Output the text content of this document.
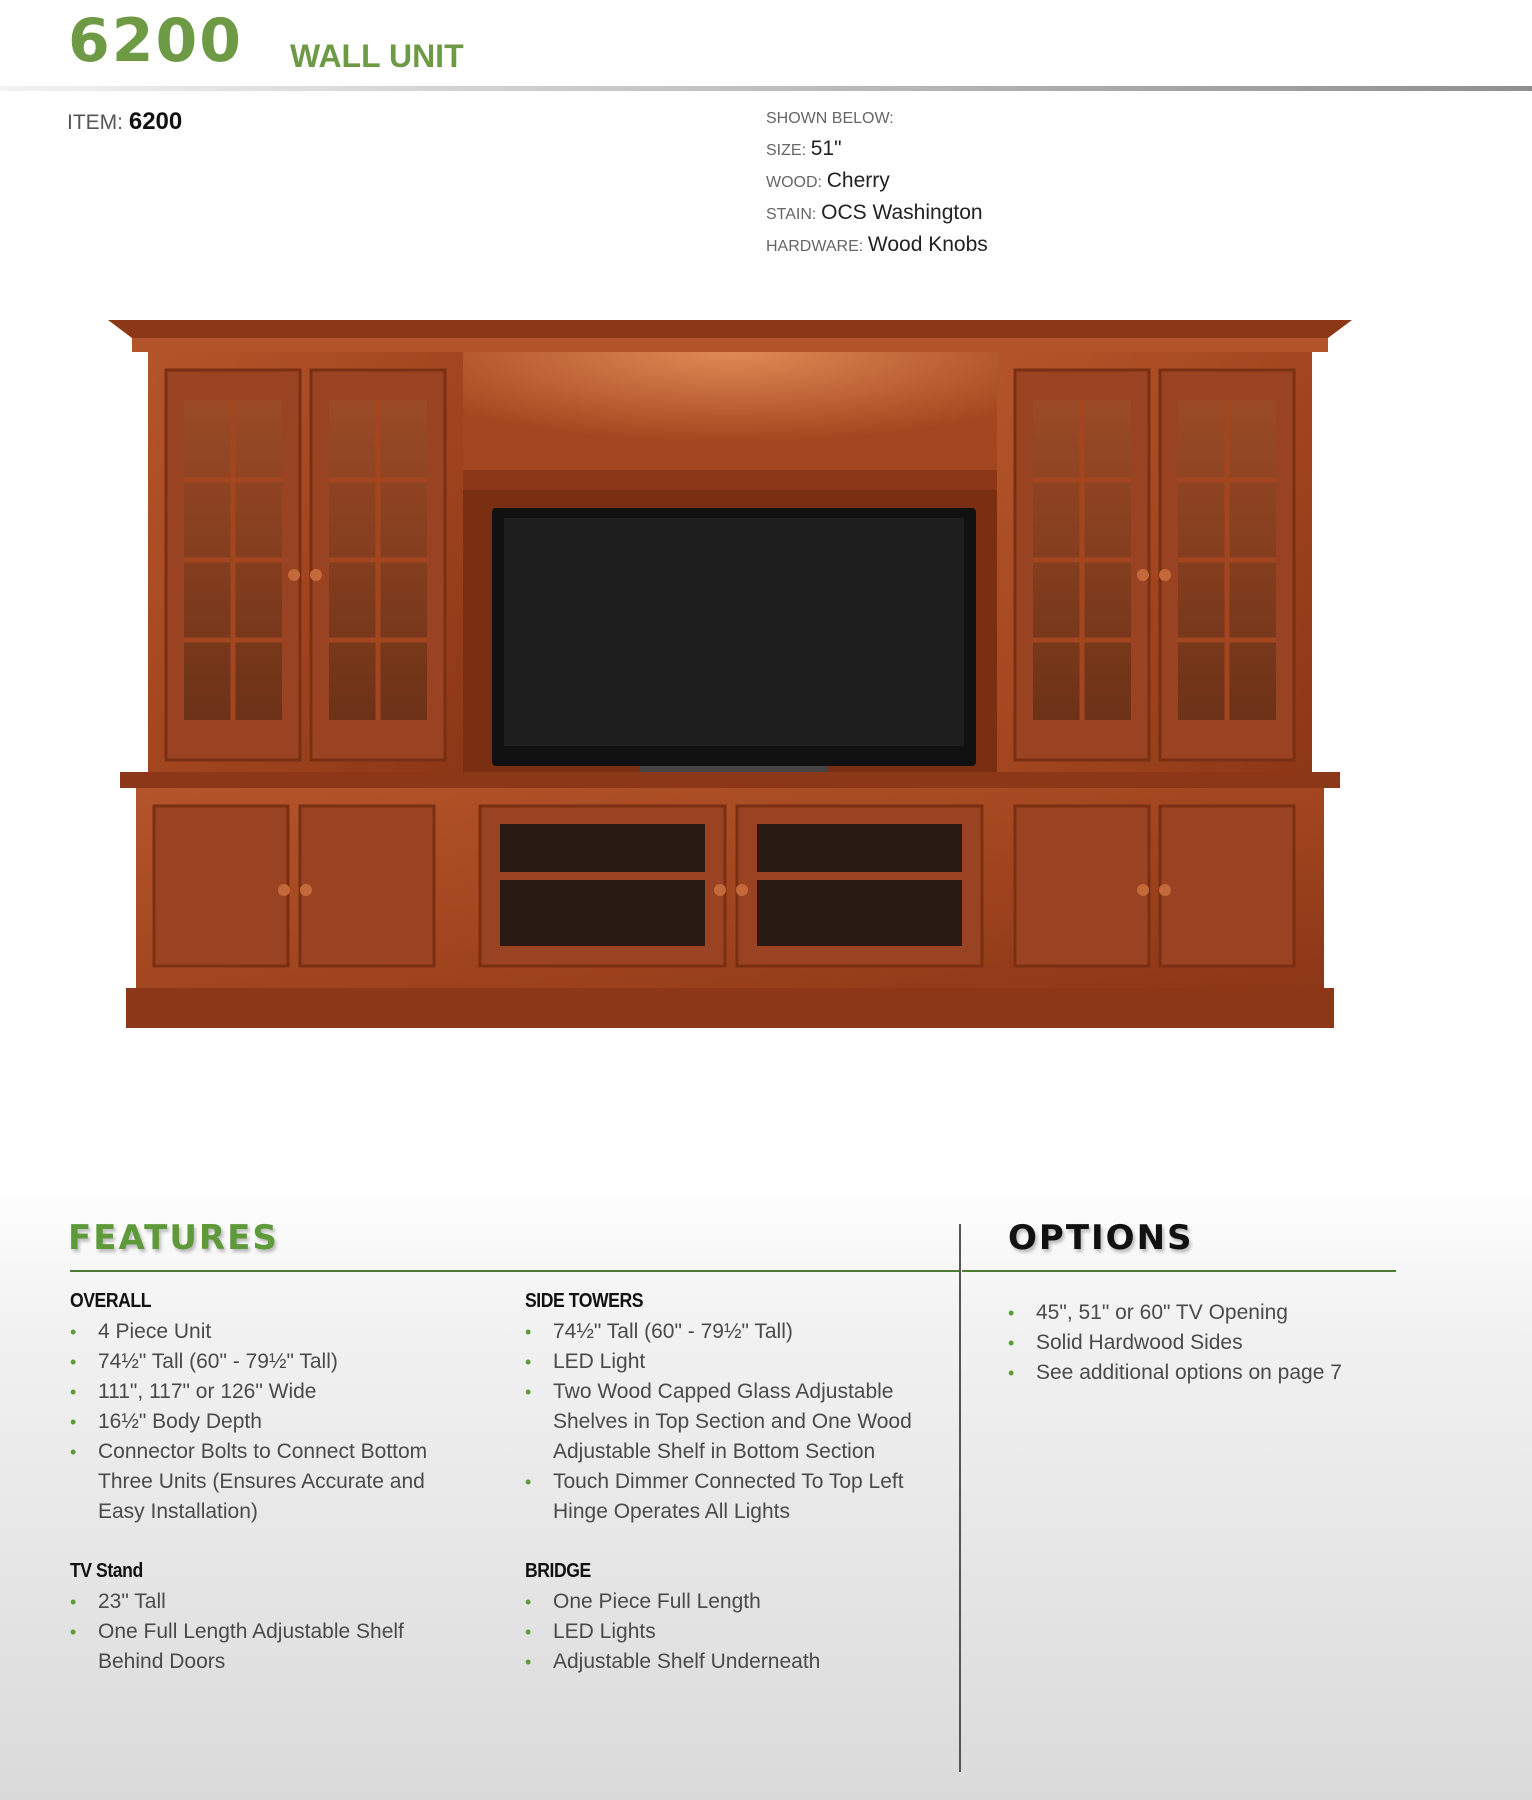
6200 WALL UNIT
ITEM: 6200	SHOWN BELOW:
SIZE: 51"
WOOD: Cherry
STAIN: OCS Washington
HARDWARE: Wood Knobs
FEATURES	OPTIONS
OVERALL
• 4 Piece Unit
• 74½" Tall (60" - 79½" Tall)
• 111", 117" or 126" Wide
• 16½" Body Depth
• Connector Bolts to Connect Bottom Three Units (Ensures Accurate and Easy Installation)
SIDE TOWERS
• 74½" Tall (60" - 79½" Tall)
• LED Light
• Two Wood Capped Glass Adjustable Shelves in Top Section and One Wood Adjustable Shelf in Bottom Section
• Touch Dimmer Connected To Top Left Hinge Operates All Lights
TV Stand
• 23" Tall
• One Full Length Adjustable Shelf Behind Doors
BRIDGE
• One Piece Full Length
• LED Lights
• Adjustable Shelf Underneath
• 45", 51" or 60" TV Opening
• Solid Hardwood Sides
• See additional options on page 7
